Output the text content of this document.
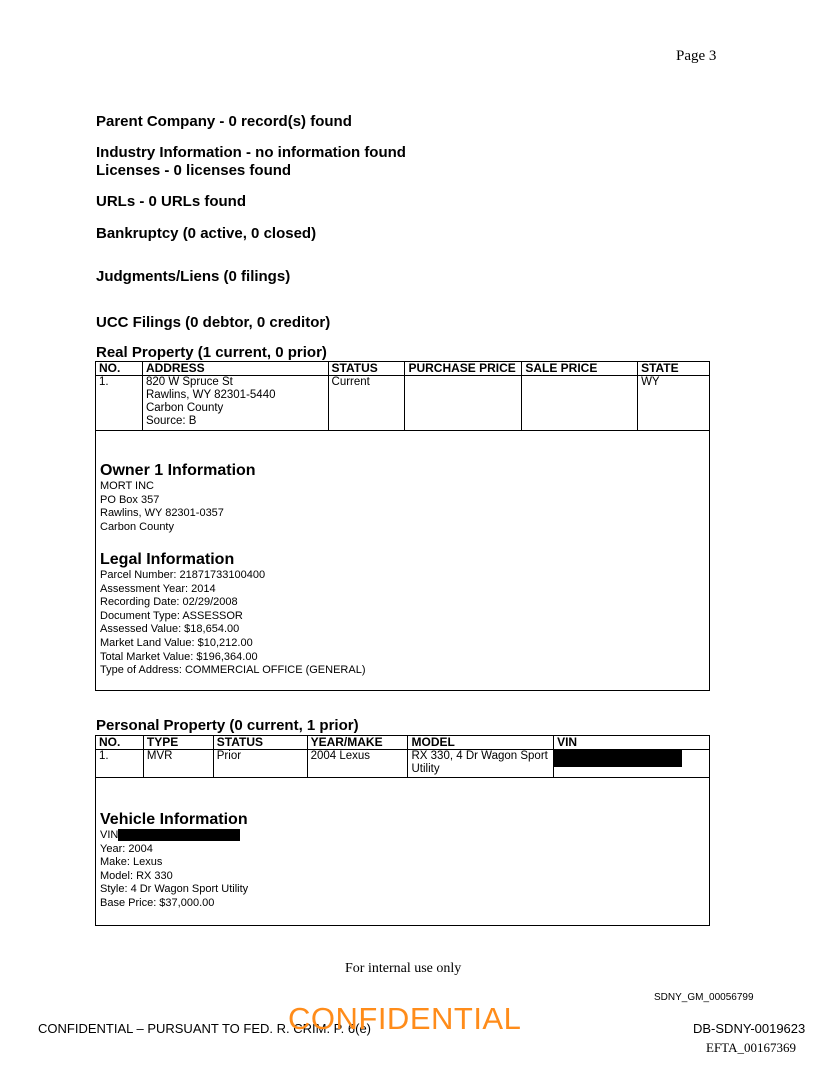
Page 3
Parent Company - 0 record(s) found
Industry Information - no information found
Licenses - 0 licenses found
URLs - 0 URLs found
Bankruptcy (0 active, 0 closed)
Judgments/Liens (0 filings)
UCC Filings (0 debtor, 0 creditor)
Real Property (1 current, 0 prior)
NO.	ADDRESS	STATUS	PURCHASE PRICE	SALE PRICE	STATE
1.	820 W Spruce St
Rawlins, WY 82301-5440
Carbon County
Source: B	Current			WY
Owner 1 Information
MORT INC
PO Box 357
Rawlins, WY 82301-0357
Carbon County
Legal Information
Parcel Number: 21871733100400
Assessment Year: 2014
Recording Date: 02/29/2008
Document Type: ASSESSOR
Assessed Value: $18,654.00
Market Land Value: $10,212.00
Total Market Value: $196,364.00
Type of Address: COMMERCIAL OFFICE (GENERAL)
Personal Property (0 current, 1 prior)
NO.	TYPE	STATUS	YEAR/MAKE	MODEL	VIN
1.	MVR	Prior	2004 Lexus	RX 330, 4 Dr Wagon Sport Utility	
Vehicle Information
VIN
Year: 2004
Make: Lexus
Model: RX 330
Style: 4 Dr Wagon Sport Utility
Base Price: $37,000.00
For internal use only
SDNY_GM_00056799
CONFIDENTIAL – PURSUANT TO FED. R. CRIM. P. 6(e)
CONFIDENTIAL	DB-SDNY-0019623
EFTA_00167369
